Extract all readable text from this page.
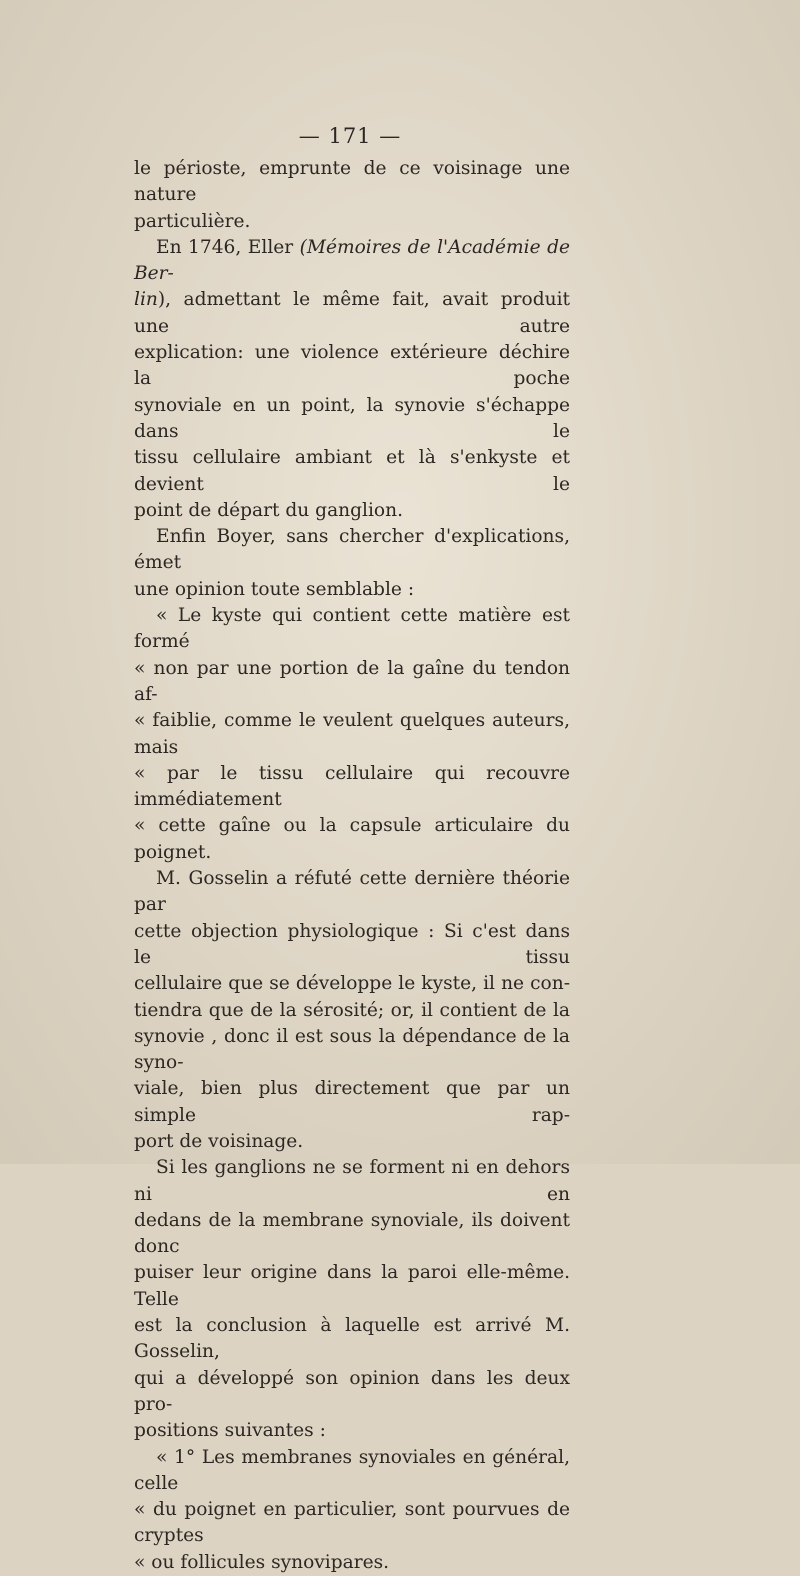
— 171 —
le périoste, emprunte de ce voisinage une nature
particulière.
En 1746, Eller (Mémoires de l'Académie de Ber-
lin), admettant le même fait, avait produit une autre
explication: une violence extérieure déchire la poche
synoviale en un point, la synovie s'échappe dans le
tissu cellulaire ambiant et là s'enkyste et devient le
point de départ du ganglion.
Enfin Boyer, sans chercher d'explications, émet
une opinion toute semblable :
« Le kyste qui contient cette matière est formé
« non par une portion de la gaîne du tendon af-
« faiblie, comme le veulent quelques auteurs, mais
« par le tissu cellulaire qui recouvre immédiatement
« cette gaîne ou la capsule articulaire du poignet.
M. Gosselin a réfuté cette dernière théorie par
cette objection physiologique : Si c'est dans le tissu
cellulaire que se développe le kyste, il ne con-
tiendra que de la sérosité; or, il contient de la
synovie , donc il est sous la dépendance de la syno-
viale, bien plus directement que par un simple rap-
port de voisinage.
Si les ganglions ne se forment ni en dehors ni en
dedans de la membrane synoviale, ils doivent donc
puiser leur origine dans la paroi elle-même. Telle
est la conclusion à laquelle est arrivé M. Gosselin,
qui a développé son opinion dans les deux pro-
positions suivantes :
« 1° Les membranes synoviales en général, celle
« du poignet en particulier, sont pourvues de cryptes
« ou follicules synovipares.
